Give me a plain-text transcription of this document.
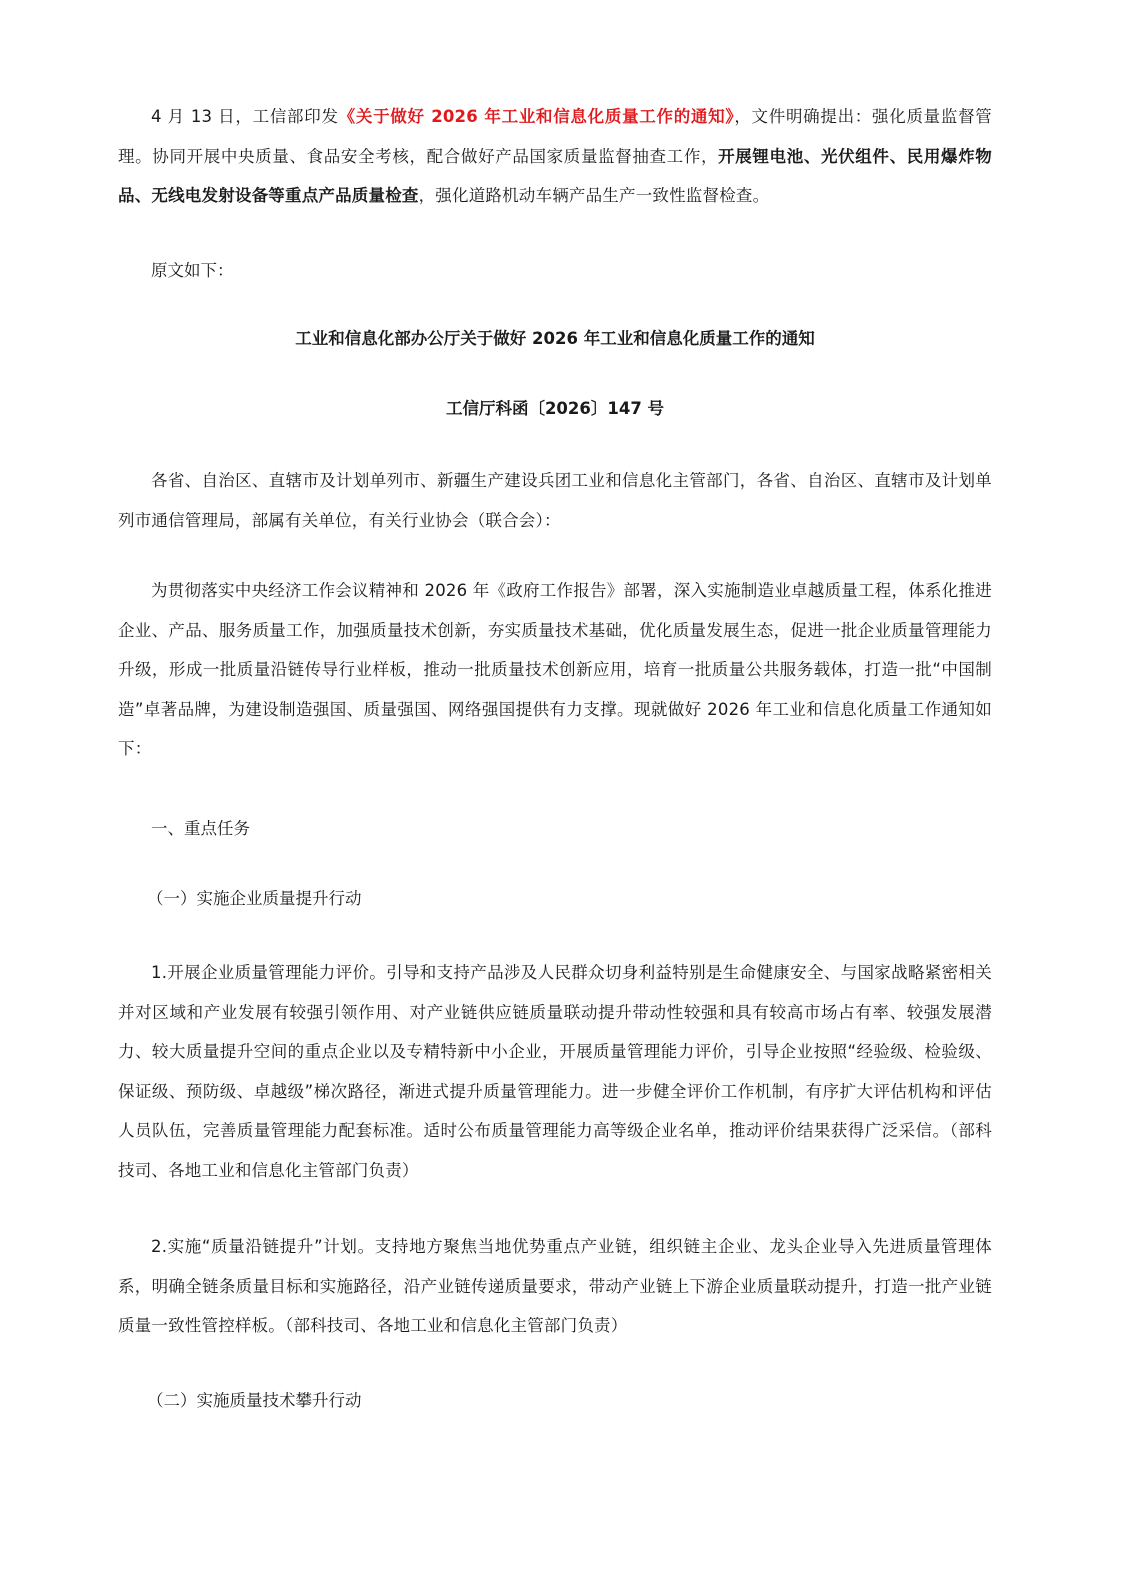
4 月 13 日，工信部印发《关于做好 2026 年工业和信息化质量工作的通知》，文件明确提出：强化质量监督管理。协同开展中央质量、食品安全考核，配合做好产品国家质量监督抽查工作，开展锂电池、光伏组件、民用爆炸物品、无线电发射设备等重点产品质量检查，强化道路机动车辆产品生产一致性监督检查。

原文如下：

工业和信息化部办公厅关于做好 2026 年工业和信息化质量工作的通知

工信厅科函〔2026〕147 号

各省、自治区、直辖市及计划单列市、新疆生产建设兵团工业和信息化主管部门，各省、自治区、直辖市及计划单列市通信管理局，部属有关单位，有关行业协会（联合会）：

为贯彻落实中央经济工作会议精神和 2026 年《政府工作报告》部署，深入实施制造业卓越质量工程，体系化推进企业、产品、服务质量工作，加强质量技术创新，夯实质量技术基础，优化质量发展生态，促进一批企业质量管理能力升级，形成一批质量沿链传导行业样板，推动一批质量技术创新应用，培育一批质量公共服务载体，打造一批“中国制造”卓著品牌，为建设制造强国、质量强国、网络强国提供有力支撑。现就做好 2026 年工业和信息化质量工作通知如下：

一、重点任务

（一）实施企业质量提升行动

1.开展企业质量管理能力评价。引导和支持产品涉及人民群众切身利益特别是生命健康安全、与国家战略紧密相关并对区域和产业发展有较强引领作用、对产业链供应链质量联动提升带动性较强和具有较高市场占有率、较强发展潜力、较大质量提升空间的重点企业以及专精特新中小企业，开展质量管理能力评价，引导企业按照“经验级、检验级、保证级、预防级、卓越级”梯次路径，渐进式提升质量管理能力。进一步健全评价工作机制，有序扩大评估机构和评估人员队伍，完善质量管理能力配套标准。适时公布质量管理能力高等级企业名单，推动评价结果获得广泛采信。（部科技司、各地工业和信息化主管部门负责）

2.实施“质量沿链提升”计划。支持地方聚焦当地优势重点产业链，组织链主企业、龙头企业导入先进质量管理体系，明确全链条质量目标和实施路径，沿产业链传递质量要求，带动产业链上下游企业质量联动提升，打造一批产业链质量一致性管控样板。（部科技司、各地工业和信息化主管部门负责）

（二）实施质量技术攀升行动
